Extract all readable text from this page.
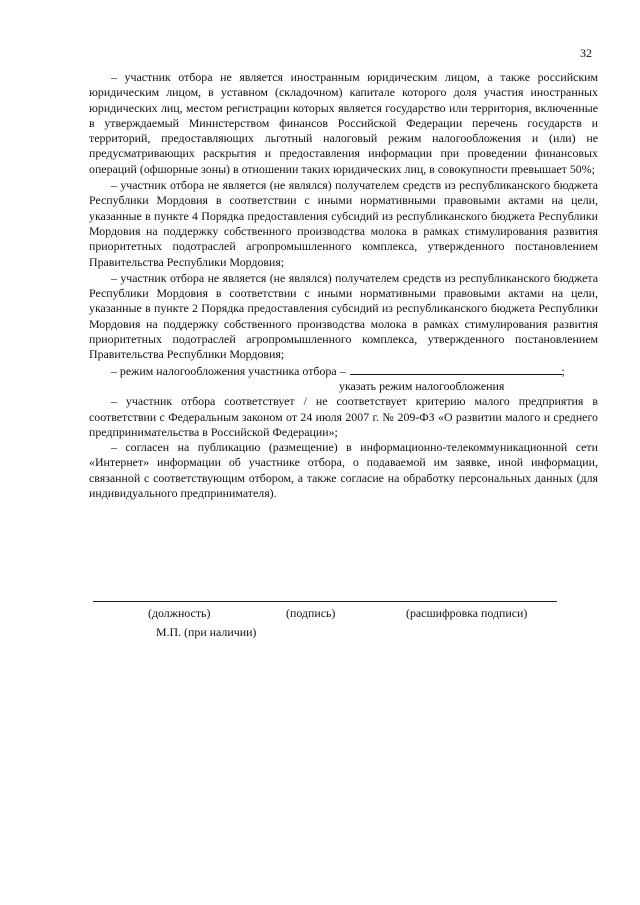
32

– участник отбора не является иностранным юридическим лицом, а также российским юридическим лицом, в уставном (складочном) капитале которого доля участия иностранных юридических лиц, местом регистрации которых является государство или территория, включенные в утверждаемый Министерством финансов Российской Федерации перечень государств и территорий, предоставляющих льготный налоговый режим налогообложения и (или) не предусматривающих раскрытия и предоставления информации при проведении финансовых операций (офшорные зоны) в отношении таких юридических лиц, в совокупности превышает 50%;

– участник отбора не является (не являлся) получателем средств из республиканского бюджета Республики Мордовия в соответствии с иными нормативными правовыми актами на цели, указанные в пункте 4 Порядка предоставления субсидий из республиканского бюджета Республики Мордовия на поддержку собственного производства молока в рамках стимулирования развития приоритетных подотраслей агропромышленного комплекса, утвержденного постановлением Правительства Республики Мордовия;

– участник отбора не является (не являлся) получателем средств из республиканского бюджета Республики Мордовия в соответствии с иными нормативными правовыми актами на цели, указанные в пункте 2 Порядка предоставления субсидий из республиканского бюджета Республики Мордовия на поддержку собственного производства молока в рамках стимулирования развития приоритетных подотраслей агропромышленного комплекса, утвержденного постановлением Правительства Республики Мордовия;

– режим налогообложения участника отбора –	;

указать режим налогообложения

– участник отбора соответствует / не соответствует критерию малого предприятия в соответствии с Федеральным законом от 24 июля 2007 г. № 209-ФЗ «О развитии малого и среднего предпринимательства в Российской Федерации»;

– согласен на публикацию (размещение) в информационно-телекоммуникационной сети «Интернет» информации об участнике отбора, о подаваемой им заявке, иной информации, связанной с соответствующим отбором, а также согласие на обработку персональных данных (для индивидуального предпринимателя).

(должность)	(подпись)	(расшифровка подписи)
М.П. (при наличии)
